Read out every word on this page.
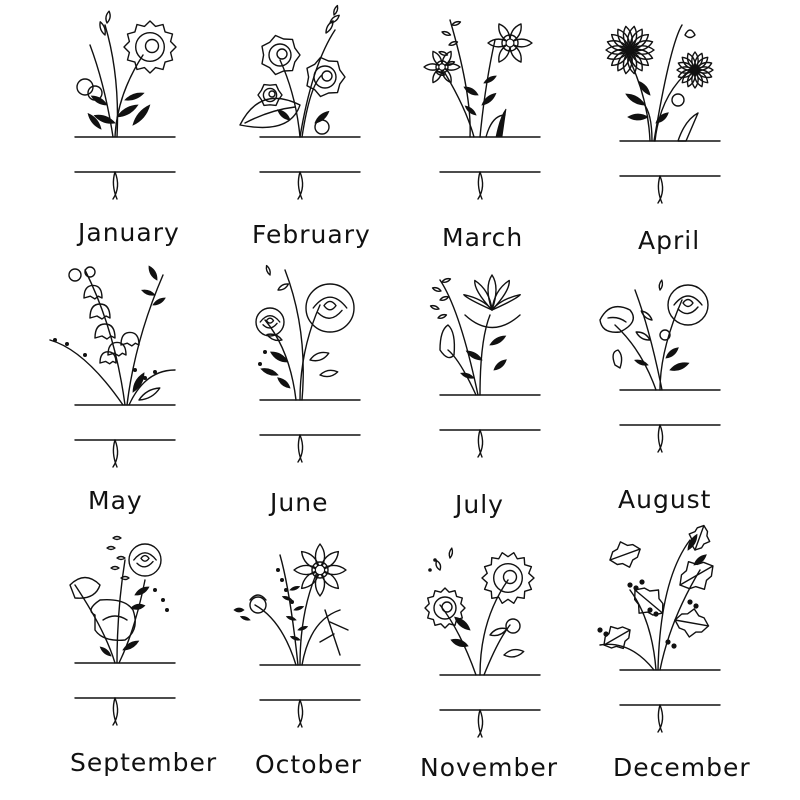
January	February	March	April
May	June	July	August
September October November December
